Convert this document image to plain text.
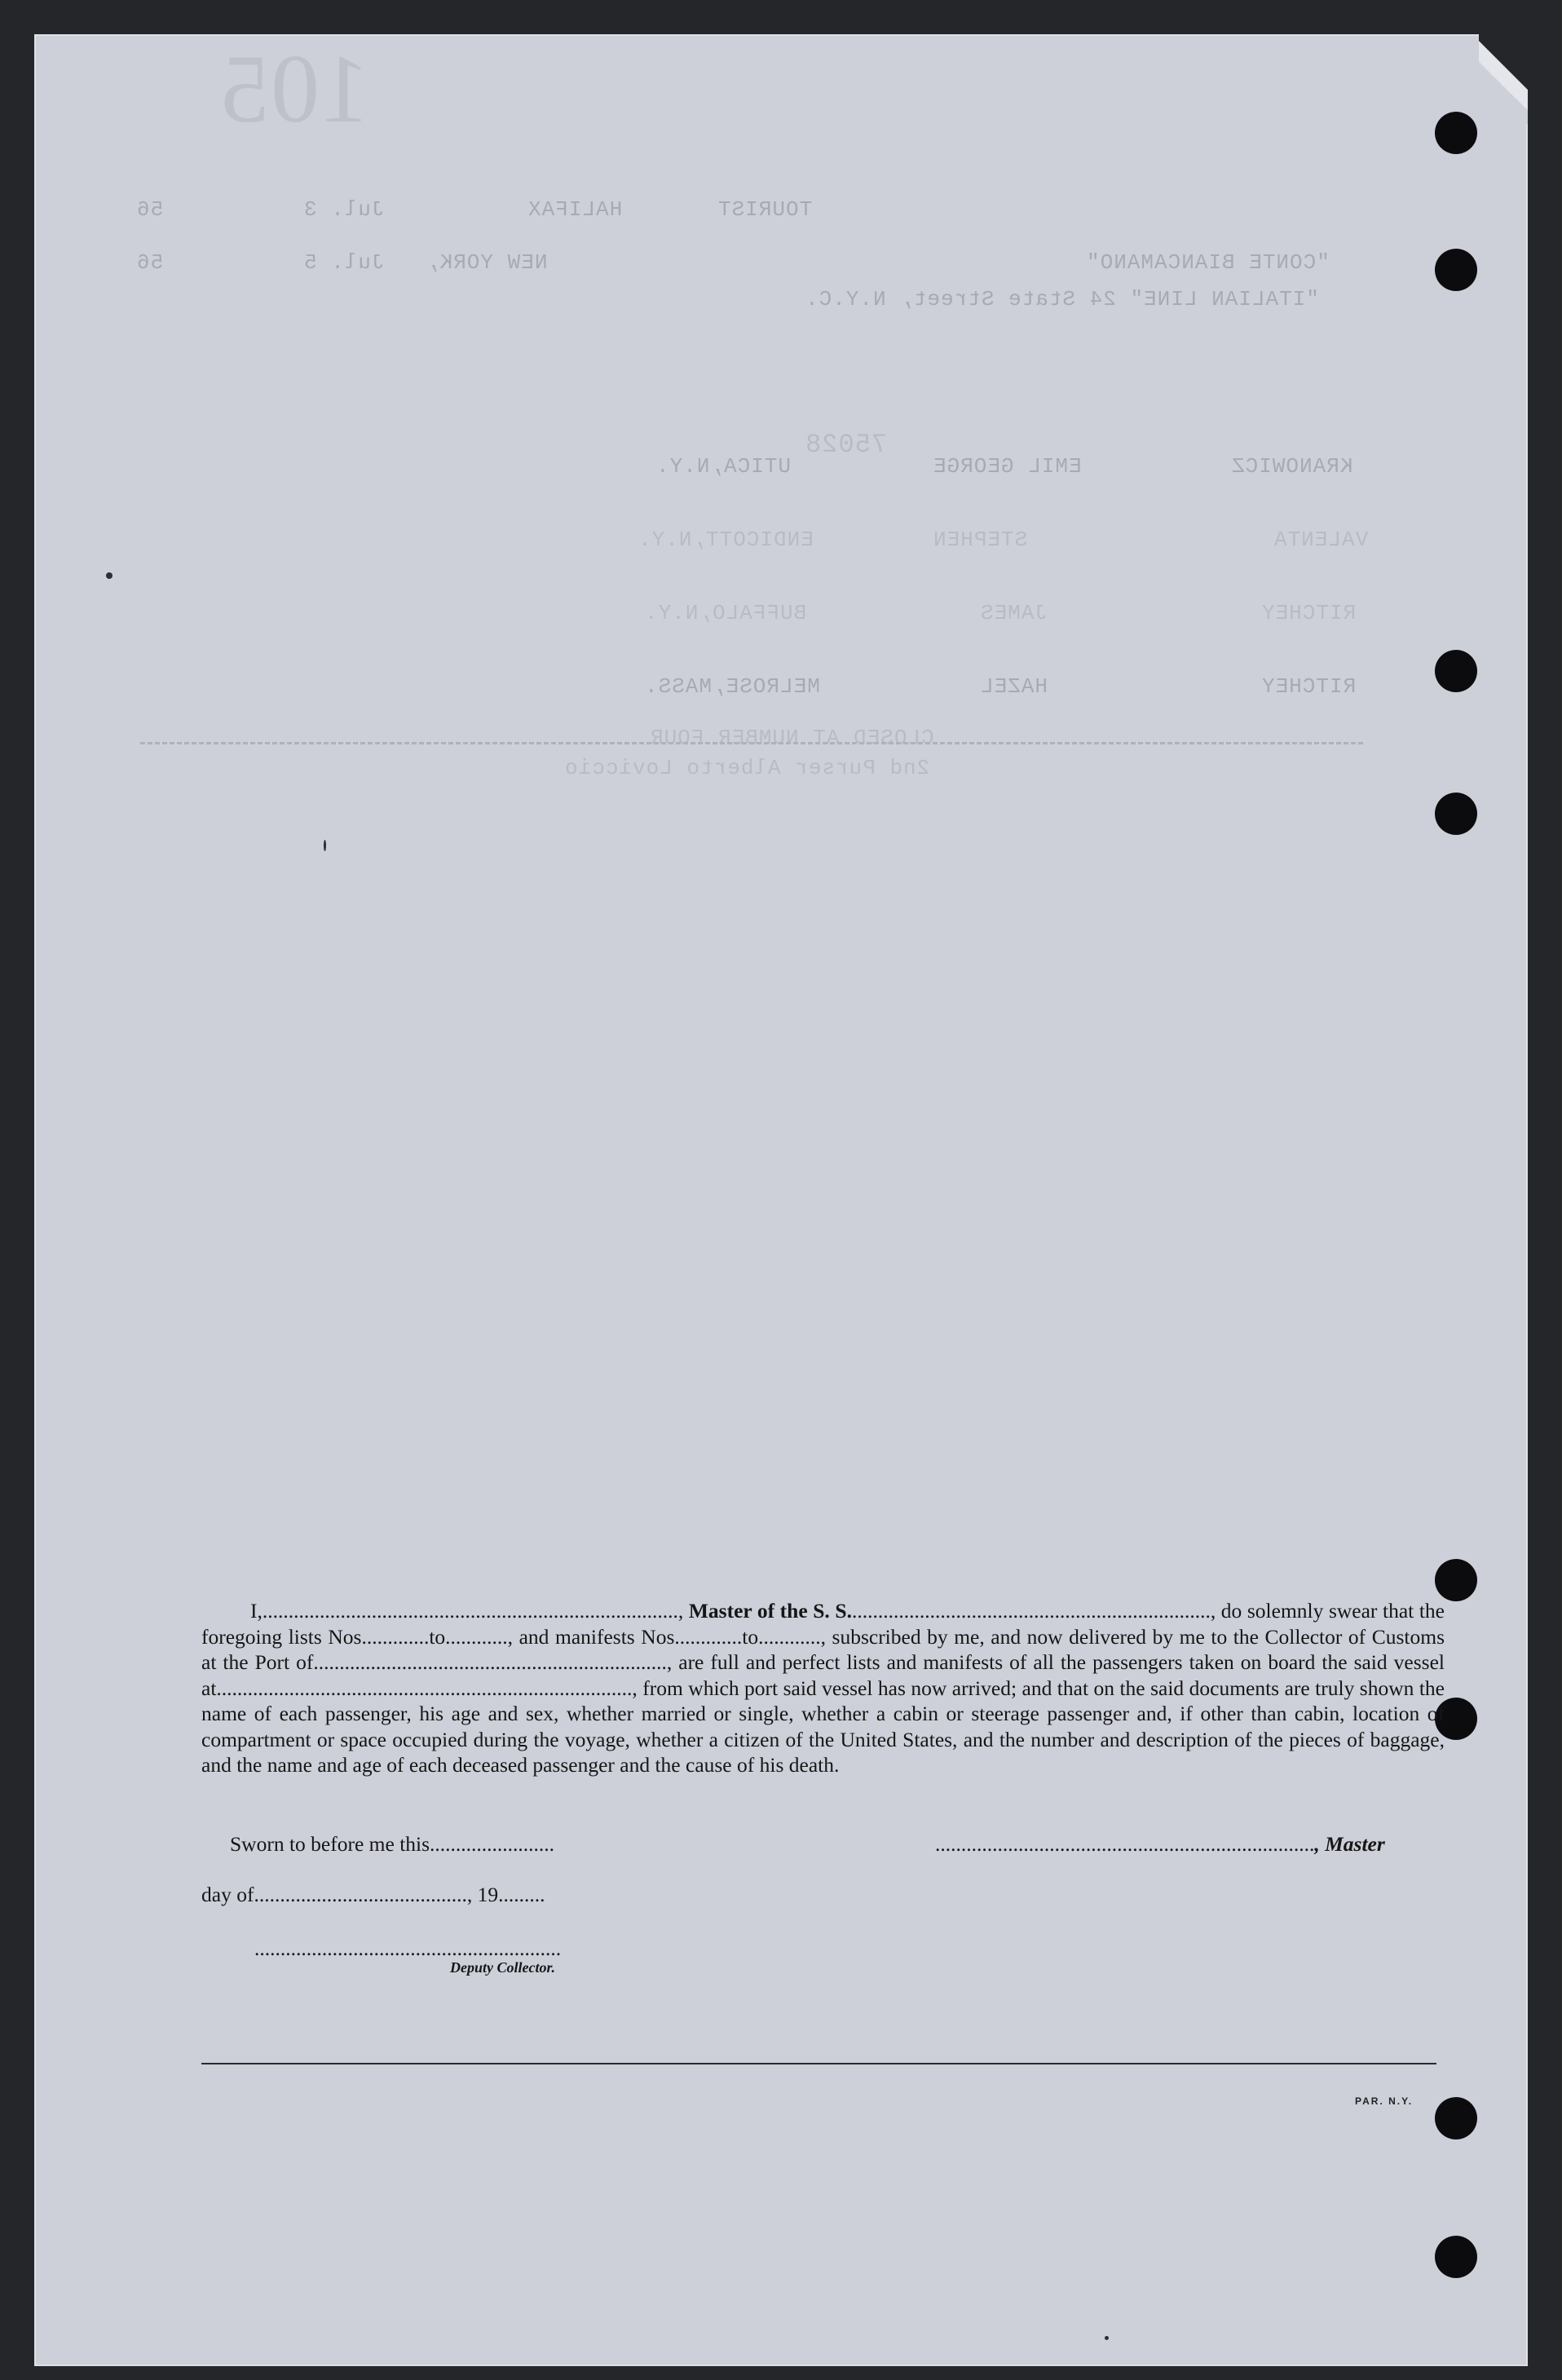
105
TOURIST
HALIFAX
Jul. 3
56
"CONTE BIANCAMANO"
NEW YORK,
Jul. 5
56
"ITALIAN LINE" 24 State Street, N.Y.C.
75028
KRANOWICZ
EMIL GEORGE
UTICA,N.Y.
VALENTA
STEPHEN
ENDICOTT,N.Y.
RITCHEY
JAMES
BUFFALO,N.Y.
RITCHEY
HAZEL
MELROSE,MASS.
CLOSED AT NUMBER FOUR
2nd Purser Alberto Loviccio

I,................................................................................, Master of the S. S......................................................................, do solemnly swear that the foregoing lists Nos.............to............, and manifests Nos.............to............, subscribed by me, and now delivered by me to the Collector of Customs at the Port of...................................................................., are full and perfect lists and manifests of all the passengers taken on board the said vessel at................................................................................, from which port said vessel has now arrived; and that on the said documents are truly shown the name of each passenger, his age and sex, whether married or single, whether a cabin or steerage passenger and, if other than cabin, location of compartment or space occupied during the voyage, whether a citizen of the United States, and the number and description of the pieces of baggage, and the name and age of each deceased passenger and the cause of his death.

Sworn to before me this........................	........................................................................., Master
day of........................................., 19.........
...........................................................
Deputy Collector.
PAR. N.Y.
